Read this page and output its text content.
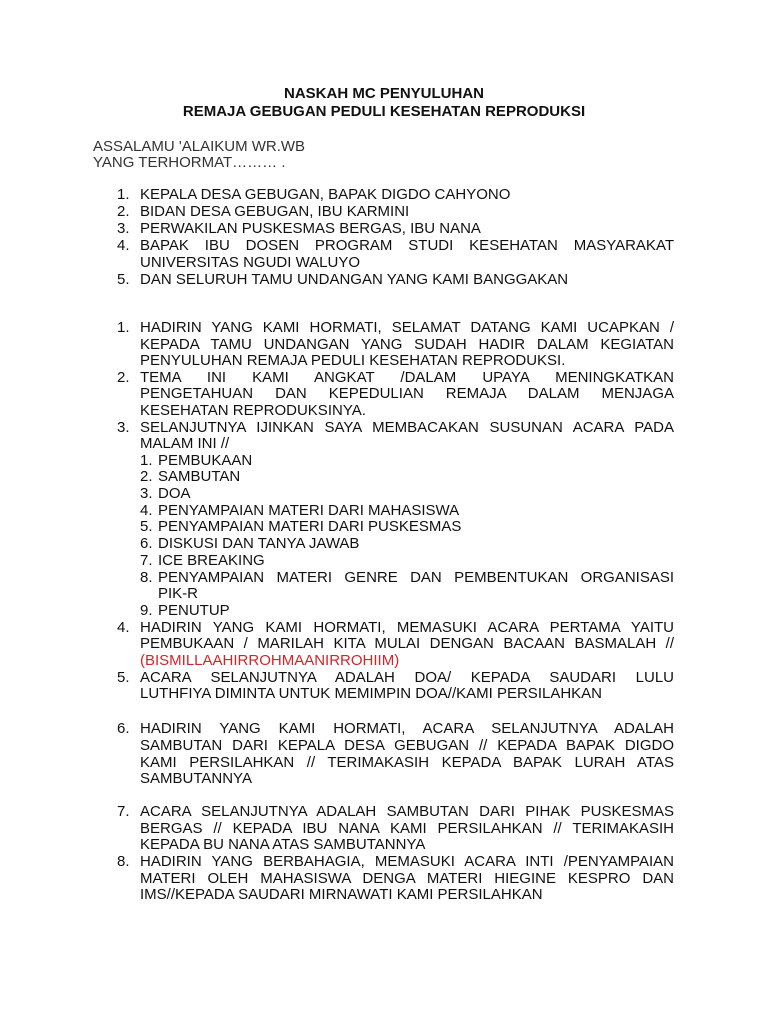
NASKAH MC PENYULUHAN
REMAJA GEBUGAN PEDULI KESEHATAN REPRODUKSI
ASSALAMU 'ALAIKUM WR.WB
YANG TERHORMAT……… .
1. KEPALA DESA GEBUGAN, BAPAK DIGDO CAHYONO
2. BIDAN DESA GEBUGAN, IBU KARMINI
3. PERWAKILAN PUSKESMAS BERGAS, IBU NANA
4. BAPAK IBU DOSEN PROGRAM STUDI KESEHATAN MASYARAKAT
UNIVERSITAS NGUDI WALUYO
5. DAN SELURUH TAMU UNDANGAN YANG KAMI BANGGAKAN
1. HADIRIN YANG KAMI HORMATI, SELAMAT DATANG KAMI UCAPKAN /
KEPADA TAMU UNDANGAN YANG SUDAH HADIR DALAM KEGIATAN
PENYULUHAN REMAJA PEDULI KESEHATAN REPRODUKSI.
2. TEMA INI KAMI ANGKAT /DALAM UPAYA MENINGKATKAN
PENGETAHUAN DAN KEPEDULIAN REMAJA DALAM MENJAGA
KESEHATAN REPRODUKSINYA.
3. SELANJUTNYA IJINKAN SAYA MEMBACAKAN SUSUNAN ACARA PADA
MALAM INI //
1. PEMBUKAAN
2. SAMBUTAN
3. DOA
4. PENYAMPAIAN MATERI DARI MAHASISWA
5. PENYAMPAIAN MATERI DARI PUSKESMAS
6. DISKUSI DAN TANYA JAWAB
7. ICE BREAKING
8. PENYAMPAIAN MATERI GENRE DAN PEMBENTUKAN ORGANISASI
PIK-R
9. PENUTUP
4. HADIRIN YANG KAMI HORMATI, MEMASUKI ACARA PERTAMA YAITU
PEMBUKAAN / MARILAH KITA MULAI DENGAN BACAAN BASMALAH //
(BISMILLAAHIRROHMAANIRROHIIM)
5. ACARA SELANJUTNYA ADALAH DOA/ KEPADA SAUDARI LULU
LUTHFIYA DIMINTA UNTUK MEMIMPIN DOA//KAMI PERSILAHKAN
6. HADIRIN YANG KAMI HORMATI, ACARA SELANJUTNYA ADALAH
SAMBUTAN DARI KEPALA DESA GEBUGAN // KEPADA BAPAK DIGDO
KAMI PERSILAHKAN // TERIMAKASIH KEPADA BAPAK LURAH ATAS
SAMBUTANNYA
7. ACARA SELANJUTNYA ADALAH SAMBUTAN DARI PIHAK PUSKESMAS
BERGAS // KEPADA IBU NANA KAMI PERSILAHKAN // TERIMAKASIH
KEPADA BU NANA ATAS SAMBUTANNYA
8. HADIRIN YANG BERBAHAGIA, MEMASUKI ACARA INTI /PENYAMPAIAN
MATERI OLEH MAHASISWA DENGA MATERI HIEGINE KESPRO DAN
IMS//KEPADA SAUDARI MIRNAWATI KAMI PERSILAHKAN
